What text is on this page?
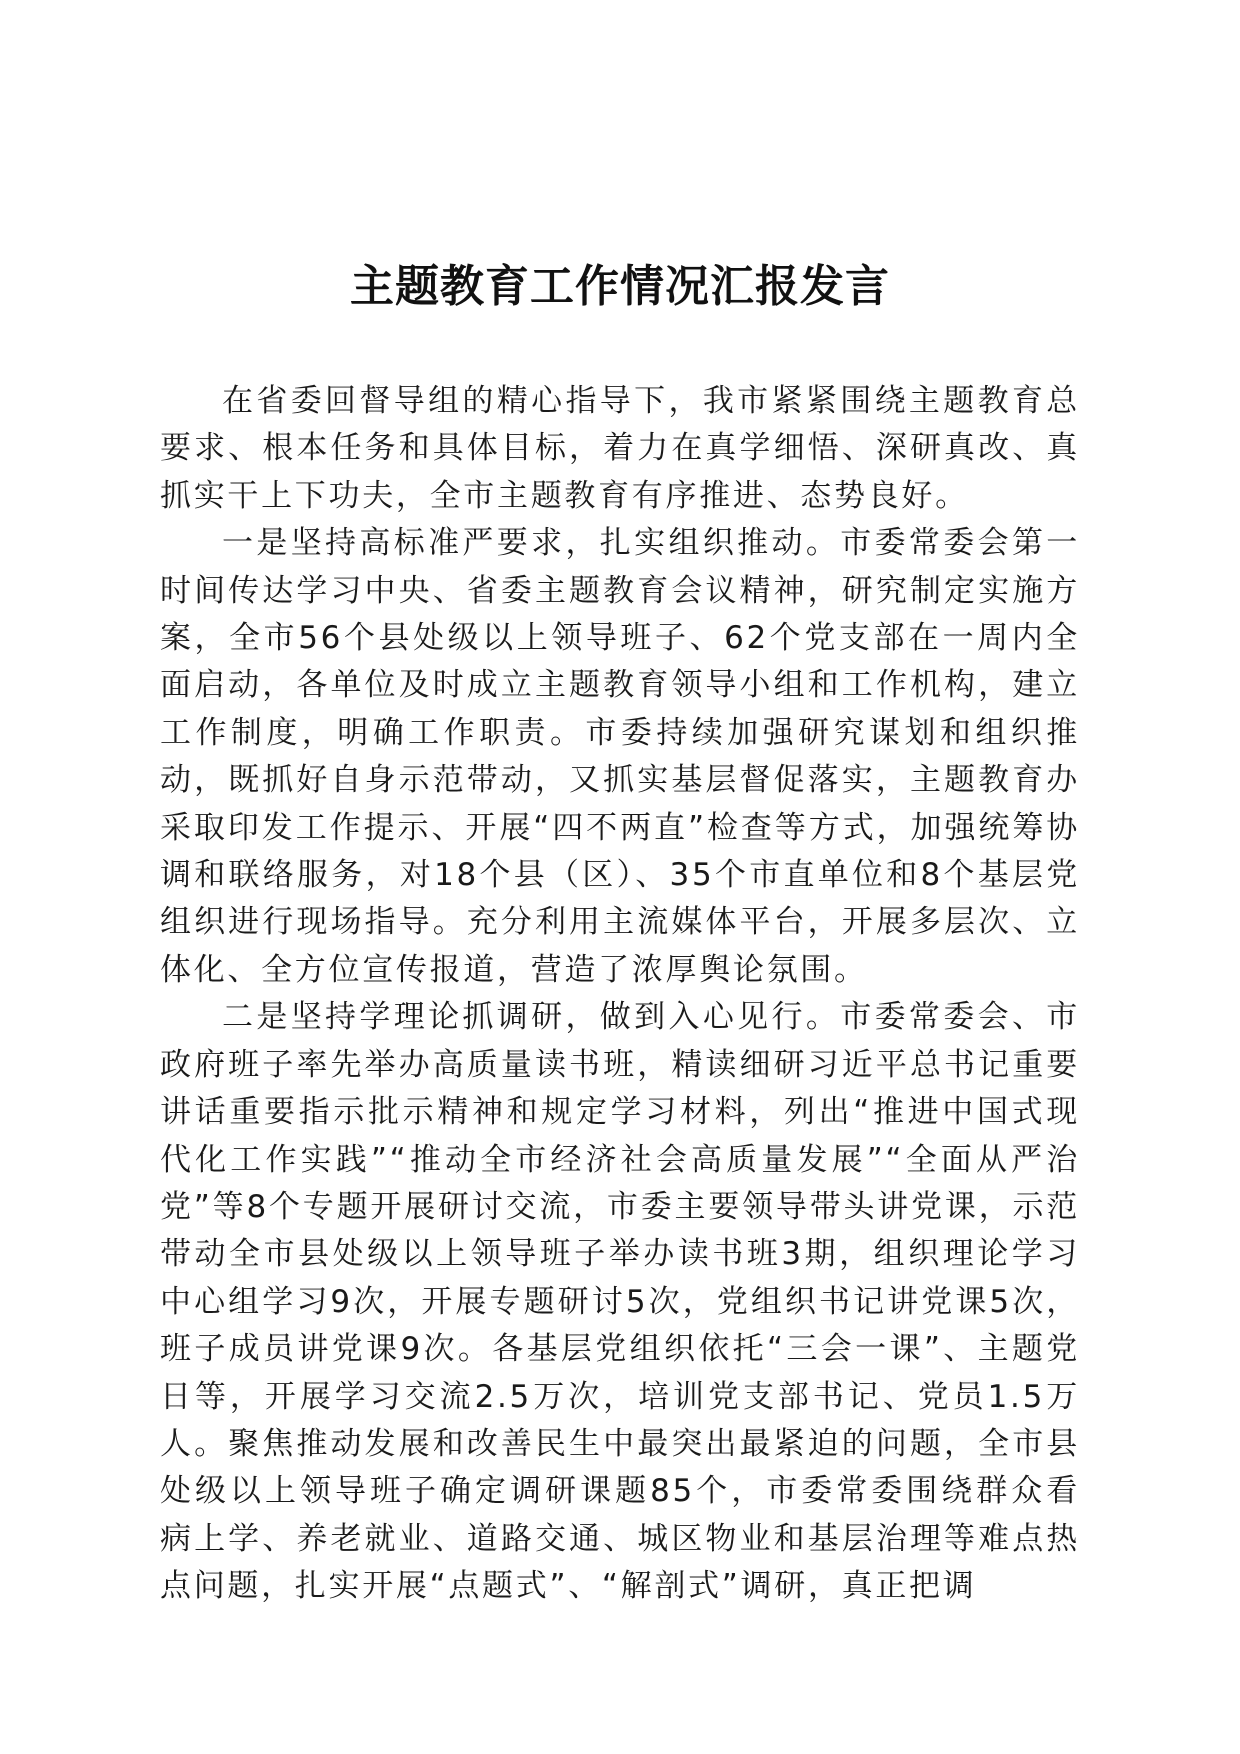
主题教育工作情况汇报发言

在省委回督导组的精心指导下，我市紧紧围绕主题教育总要求、根本任务和具体目标，着力在真学细悟、深研真改、真抓实干上下功夫，全市主题教育有序推进、态势良好。

一是坚持高标准严要求，扎实组织推动。市委常委会第一时间传达学习中央、省委主题教育会议精神，研究制定实施方案，全市56个县处级以上领导班子、62个党支部在一周内全面启动，各单位及时成立主题教育领导小组和工作机构，建立工作制度，明确工作职责。市委持续加强研究谋划和组织推动，既抓好自身示范带动，又抓实基层督促落实，主题教育办采取印发工作提示、开展“四不两直”检查等方式，加强统筹协调和联络服务，对18个县（区）、35个市直单位和8个基层党组织进行现场指导。充分利用主流媒体平台，开展多层次、立体化、全方位宣传报道，营造了浓厚舆论氛围。

二是坚持学理论抓调研，做到入心见行。市委常委会、市政府班子率先举办高质量读书班，精读细研习近平总书记重要讲话重要指示批示精神和规定学习材料，列出“推进中国式现代化工作实践”“推动全市经济社会高质量发展”“全面从严治党”等8个专题开展研讨交流，市委主要领导带头讲党课，示范带动全市县处级以上领导班子举办读书班3期，组织理论学习中心组学习9次，开展专题研讨5次，党组织书记讲党课5次，班子成员讲党课9次。各基层党组织依托“三会一课”、主题党日等，开展学习交流2.5万次，培训党支部书记、党员1.5万人。聚焦推动发展和改善民生中最突出最紧迫的问题，全市县处级以上领导班子确定调研课题85个，市委常委围绕群众看病上学、养老就业、道路交通、城区物业和基层治理等难点热点问题，扎实开展“点题式”、“解剖式”调研，真正把调
